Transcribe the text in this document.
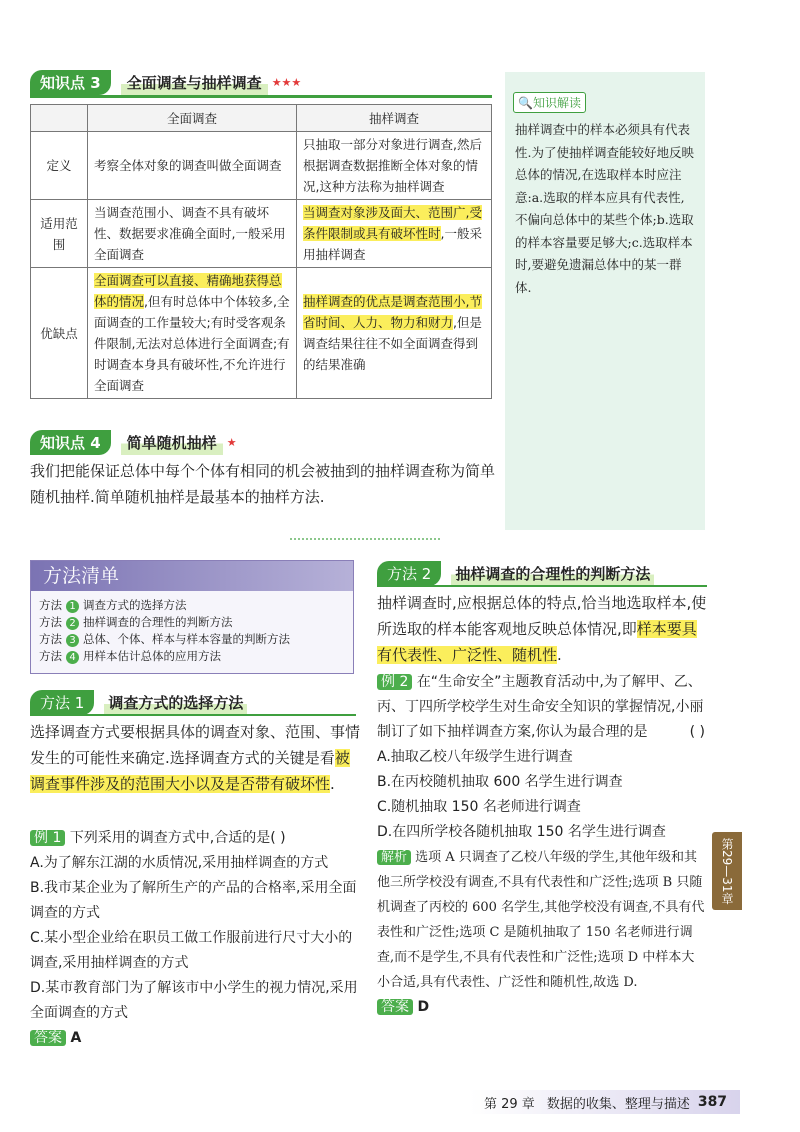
知识点 3	全面调查与抽样调查 ★★★
	全面调查	抽样调查
定义	考察全体对象的调查叫做全面调查	只抽取一部分对象进行调查,然后根据调查数据推断全体对象的情况,这种方法称为抽样调查
适用范围	当调查范围小、调查不具有破坏性、数据要求准确全面时,一般采用全面调查	当调查对象涉及面大、范围广,受条件限制或具有破坏性时,一般采用抽样调查
优缺点	全面调查可以直接、精确地获得总体的情况,但有时总体中个体较多,全面调查的工作量较大;有时受客观条件限制,无法对总体进行全面调查;有时调查本身具有破坏性,不允许进行全面调查	抽样调查的优点是调查范围小,节省时间、人力、物力和财力,但是调查结果往往不如全面调查得到的结果准确
🔍知识解读
抽样调查中的样本必须具有代表性.为了使抽样调查能较好地反映总体的情况,在选取样本时应注意:a.选取的样本应具有代表性,不偏向总体中的某些个体;b.选取的样本容量要足够大;c.选取样本时,要避免遗漏总体中的某一群体.
知识点 4	简单随机抽样 ★
我们把能保证总体中每个个体有相同的机会被抽到的抽样调查称为简单随机抽样.简单随机抽样是最基本的抽样方法.
方法清单
方法 1 调查方式的选择方法
方法 2 抽样调查的合理性的判断方法
方法 3 总体、个体、样本与样本容量的判断方法
方法 4 用样本估计总体的应用方法
方法 1	调查方式的选择方法
选择调查方式要根据具体的调查对象、范围、事情发生的可能性来确定.选择调查方式的关键是看被调查事件涉及的范围大小以及是否带有破坏性.
例 1 下列采用的调查方式中,合适的是( )
A.为了解东江湖的水质情况,采用抽样调查的方式
B.我市某企业为了解所生产的产品的合格率,采用全面调查的方式
C.某小型企业给在职员工做工作服前进行尺寸大小的调查,采用抽样调查的方式
D.某市教育部门为了解该市中小学生的视力情况,采用全面调查的方式
答案 A
方法 2	抽样调查的合理性的判断方法
抽样调查时,应根据总体的特点,恰当地选取样本,使所选取的样本能客观地反映总体情况,即样本要具有代表性、广泛性、随机性.
例 2 在“生命安全”主题教育活动中,为了解甲、乙、丙、丁四所学校学生对生命安全知识的掌握情况,小丽制订了如下抽样调查方案,你认为最合理的是	( )
A.抽取乙校八年级学生进行调查
B.在丙校随机抽取 600 名学生进行调查
C.随机抽取 150 名老师进行调查
D.在四所学校各随机抽取 150 名学生进行调查
解析 选项 A 只调查了乙校八年级的学生,其他年级和其他三所学校没有调查,不具有代表性和广泛性;选项 B 只随机调查了丙校的 600 名学生,其他学校没有调查,不具有代表性和广泛性;选项 C 是随机抽取了 150 名老师进行调查,而不是学生,不具有代表性和广泛性;选项 D 中样本大小合适,具有代表性、广泛性和随机性,故选 D.
答案 D
第29—31章
第 29 章 数据的收集、整理与描述 387
